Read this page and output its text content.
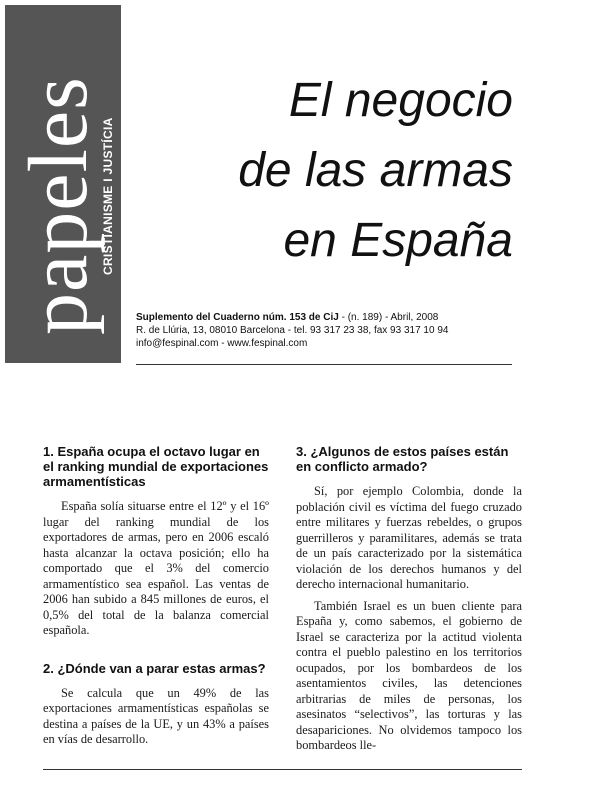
papeles
CRISTIANISME I JUSTÍCIA
El negocio
de las armas
en España
Suplemento del Cuaderno núm. 153 de CiJ - (n. 189) - Abril, 2008
R. de Llúria, 13, 08010 Barcelona - tel. 93 317 23 38, fax 93 317 10 94
info@fespinal.com - www.fespinal.com
1. España ocupa el octavo lugar en el ranking mundial de exportaciones armamentísticas

España solía situarse entre el 12º y el 16º lugar del ranking mundial de los exportadores de armas, pero en 2006 escaló hasta alcanzar la octava posición; ello ha comportado que el 3% del comercio armamentístico sea español. Las ventas de 2006 han subido a 845 millones de euros, el 0,5% del total de la balanza comercial española.

2. ¿Dónde van a parar estas armas?

Se calcula que un 49% de las exportaciones armamentísticas españolas se destina a países de la UE, y un 43% a países en vías de desarrollo.

3. ¿Algunos de estos países están en conflicto armado?

Sí, por ejemplo Colombia, donde la población civil es víctima del fuego cruzado entre militares y fuerzas rebeldes, o grupos guerrilleros y paramilitares, además se trata de un país caracterizado por la sistemática violación de los derechos humanos y del derecho internacional humanitario.

También Israel es un buen cliente para España y, como sabemos, el gobierno de Israel se caracteriza por la actitud violenta contra el pueblo palestino en los territorios ocupados, por los bombardeos de los asentamientos civiles, las detenciones arbitrarias de miles de personas, los asesinatos “selectivos”, las torturas y las desapariciones. No olvidemos tampoco los bombardeos lle-
